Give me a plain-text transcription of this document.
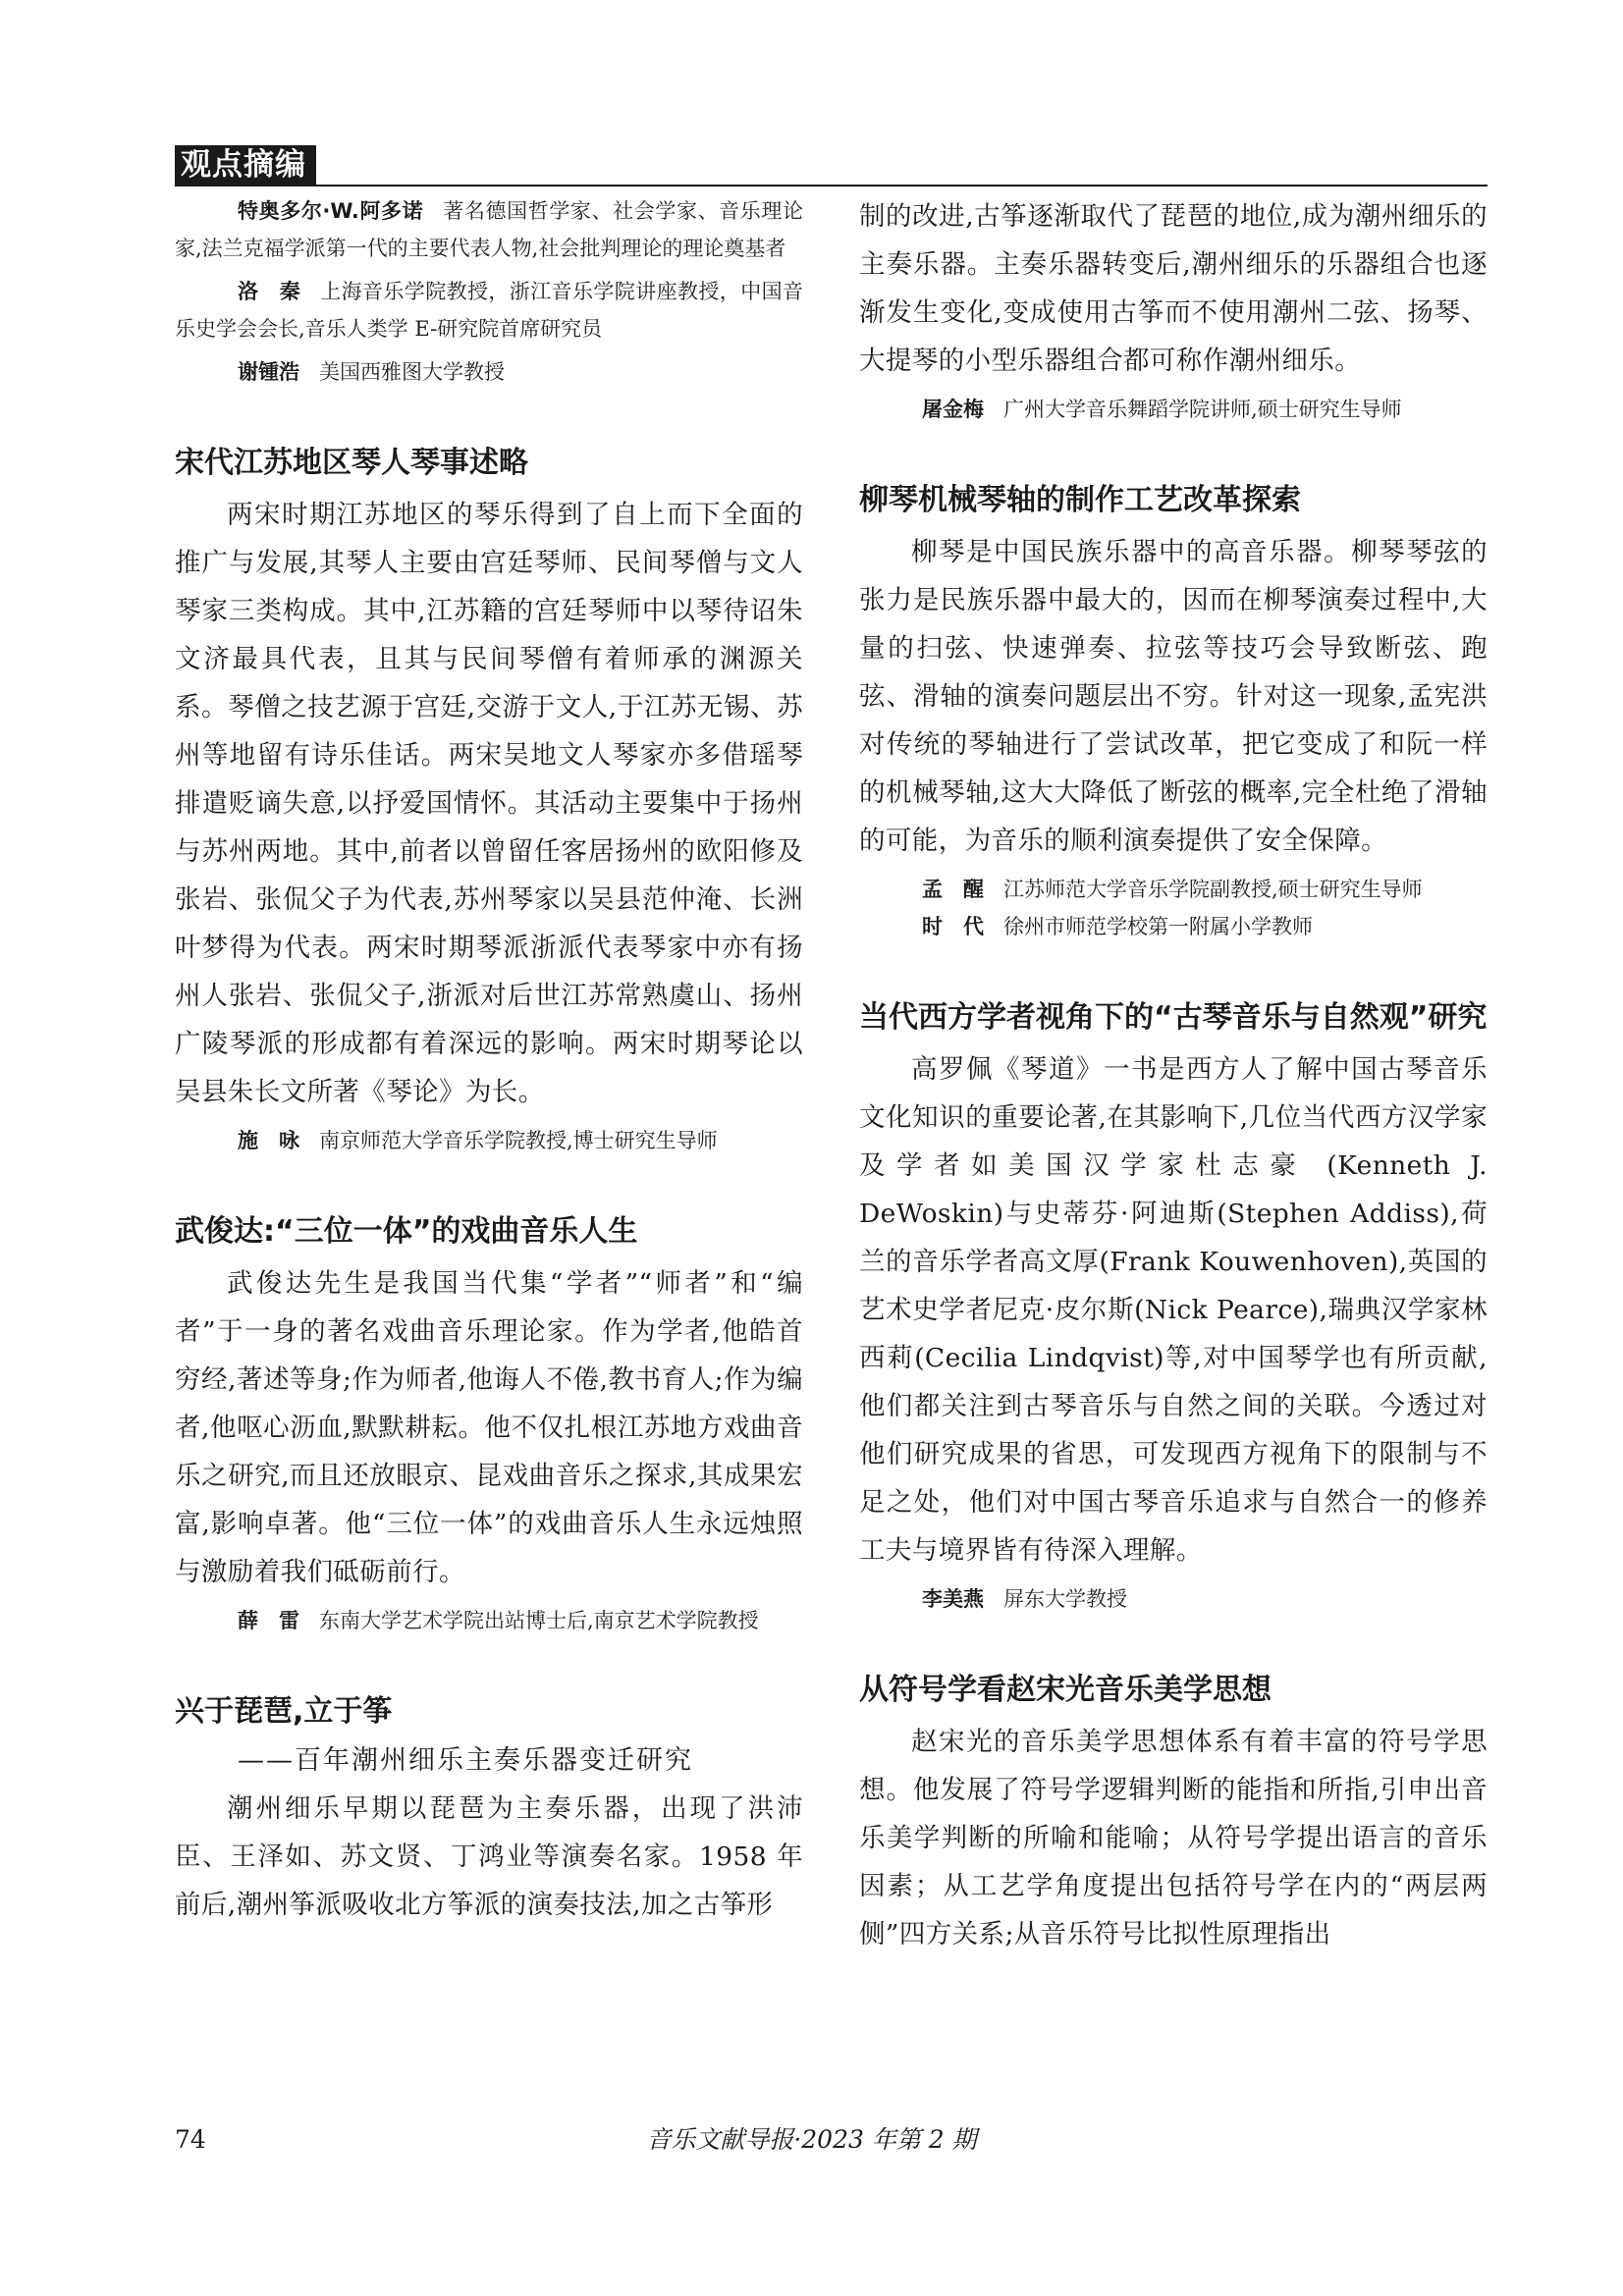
观点摘编

特奥多尔·W.阿多诺 著名德国哲学家、社会学家、音乐理论家,法兰克福学派第一代的主要代表人物,社会批判理论的理论奠基者

洛　秦 上海音乐学院教授，浙江音乐学院讲座教授，中国音乐史学会会长,音乐人类学 E-研究院首席研究员

谢锺浩 美国西雅图大学教授

宋代江苏地区琴人琴事述略

两宋时期江苏地区的琴乐得到了自上而下全面的推广与发展,其琴人主要由宫廷琴师、民间琴僧与文人琴家三类构成。其中,江苏籍的宫廷琴师中以琴待诏朱文济最具代表，且其与民间琴僧有着师承的渊源关系。琴僧之技艺源于宫廷,交游于文人,于江苏无锡、苏州等地留有诗乐佳话。两宋吴地文人琴家亦多借瑶琴排遣贬谪失意,以抒爱国情怀。其活动主要集中于扬州与苏州两地。其中,前者以曾留任客居扬州的欧阳修及张岩、张侃父子为代表,苏州琴家以吴县范仲淹、长洲叶梦得为代表。两宋时期琴派浙派代表琴家中亦有扬州人张岩、张侃父子,浙派对后世江苏常熟虞山、扬州广陵琴派的形成都有着深远的影响。两宋时期琴论以吴县朱长文所著《琴论》为长。

施　咏 南京师范大学音乐学院教授,博士研究生导师

武俊达:“三位一体”的戏曲音乐人生

武俊达先生是我国当代集“学者”“师者”和“编者”于一身的著名戏曲音乐理论家。作为学者,他皓首穷经,著述等身;作为师者,他诲人不倦,教书育人;作为编者,他呕心沥血,默默耕耘。他不仅扎根江苏地方戏曲音乐之研究,而且还放眼京、昆戏曲音乐之探求,其成果宏富,影响卓著。他“三位一体”的戏曲音乐人生永远烛照与激励着我们砥砺前行。

薛　雷 东南大学艺术学院出站博士后,南京艺术学院教授

兴于琵琶,立于筝

——百年潮州细乐主奏乐器变迁研究

潮州细乐早期以琵琶为主奏乐器，出现了洪沛臣、王泽如、苏文贤、丁鸿业等演奏名家。1958 年前后,潮州筝派吸收北方筝派的演奏技法,加之古筝形

制的改进,古筝逐渐取代了琵琶的地位,成为潮州细乐的主奏乐器。主奏乐器转变后,潮州细乐的乐器组合也逐渐发生变化,变成使用古筝而不使用潮州二弦、扬琴、大提琴的小型乐器组合都可称作潮州细乐。

屠金梅 广州大学音乐舞蹈学院讲师,硕士研究生导师

柳琴机械琴轴的制作工艺改革探索

柳琴是中国民族乐器中的高音乐器。柳琴琴弦的张力是民族乐器中最大的，因而在柳琴演奏过程中,大量的扫弦、快速弹奏、拉弦等技巧会导致断弦、跑弦、滑轴的演奏问题层出不穷。针对这一现象,孟宪洪对传统的琴轴进行了尝试改革，把它变成了和阮一样的机械琴轴,这大大降低了断弦的概率,完全杜绝了滑轴的可能，为音乐的顺利演奏提供了安全保障。

孟　醒 江苏师范大学音乐学院副教授,硕士研究生导师

时　代 徐州市师范学校第一附属小学教师

当代西方学者视角下的“古琴音乐与自然观”研究

高罗佩《琴道》一书是西方人了解中国古琴音乐文化知识的重要论著,在其影响下,几位当代西方汉学家及学者如美国汉学家杜志豪 (Kenneth J. DeWoskin)与史蒂芬·阿迪斯(Stephen Addiss),荷兰的音乐学者高文厚(Frank Kouwenhoven),英国的艺术史学者尼克·皮尔斯(Nick Pearce),瑞典汉学家林西莉(Cecilia Lindqvist)等,对中国琴学也有所贡献,他们都关注到古琴音乐与自然之间的关联。今透过对他们研究成果的省思，可发现西方视角下的限制与不足之处，他们对中国古琴音乐追求与自然合一的修养工夫与境界皆有待深入理解。

李美燕 屏东大学教授

从符号学看赵宋光音乐美学思想

赵宋光的音乐美学思想体系有着丰富的符号学思想。他发展了符号学逻辑判断的能指和所指,引申出音乐美学判断的所喻和能喻；从符号学提出语言的音乐因素；从工艺学角度提出包括符号学在内的“两层两侧”四方关系;从音乐符号比拟性原理指出

74	音乐文献导报·2023 年第 2 期
